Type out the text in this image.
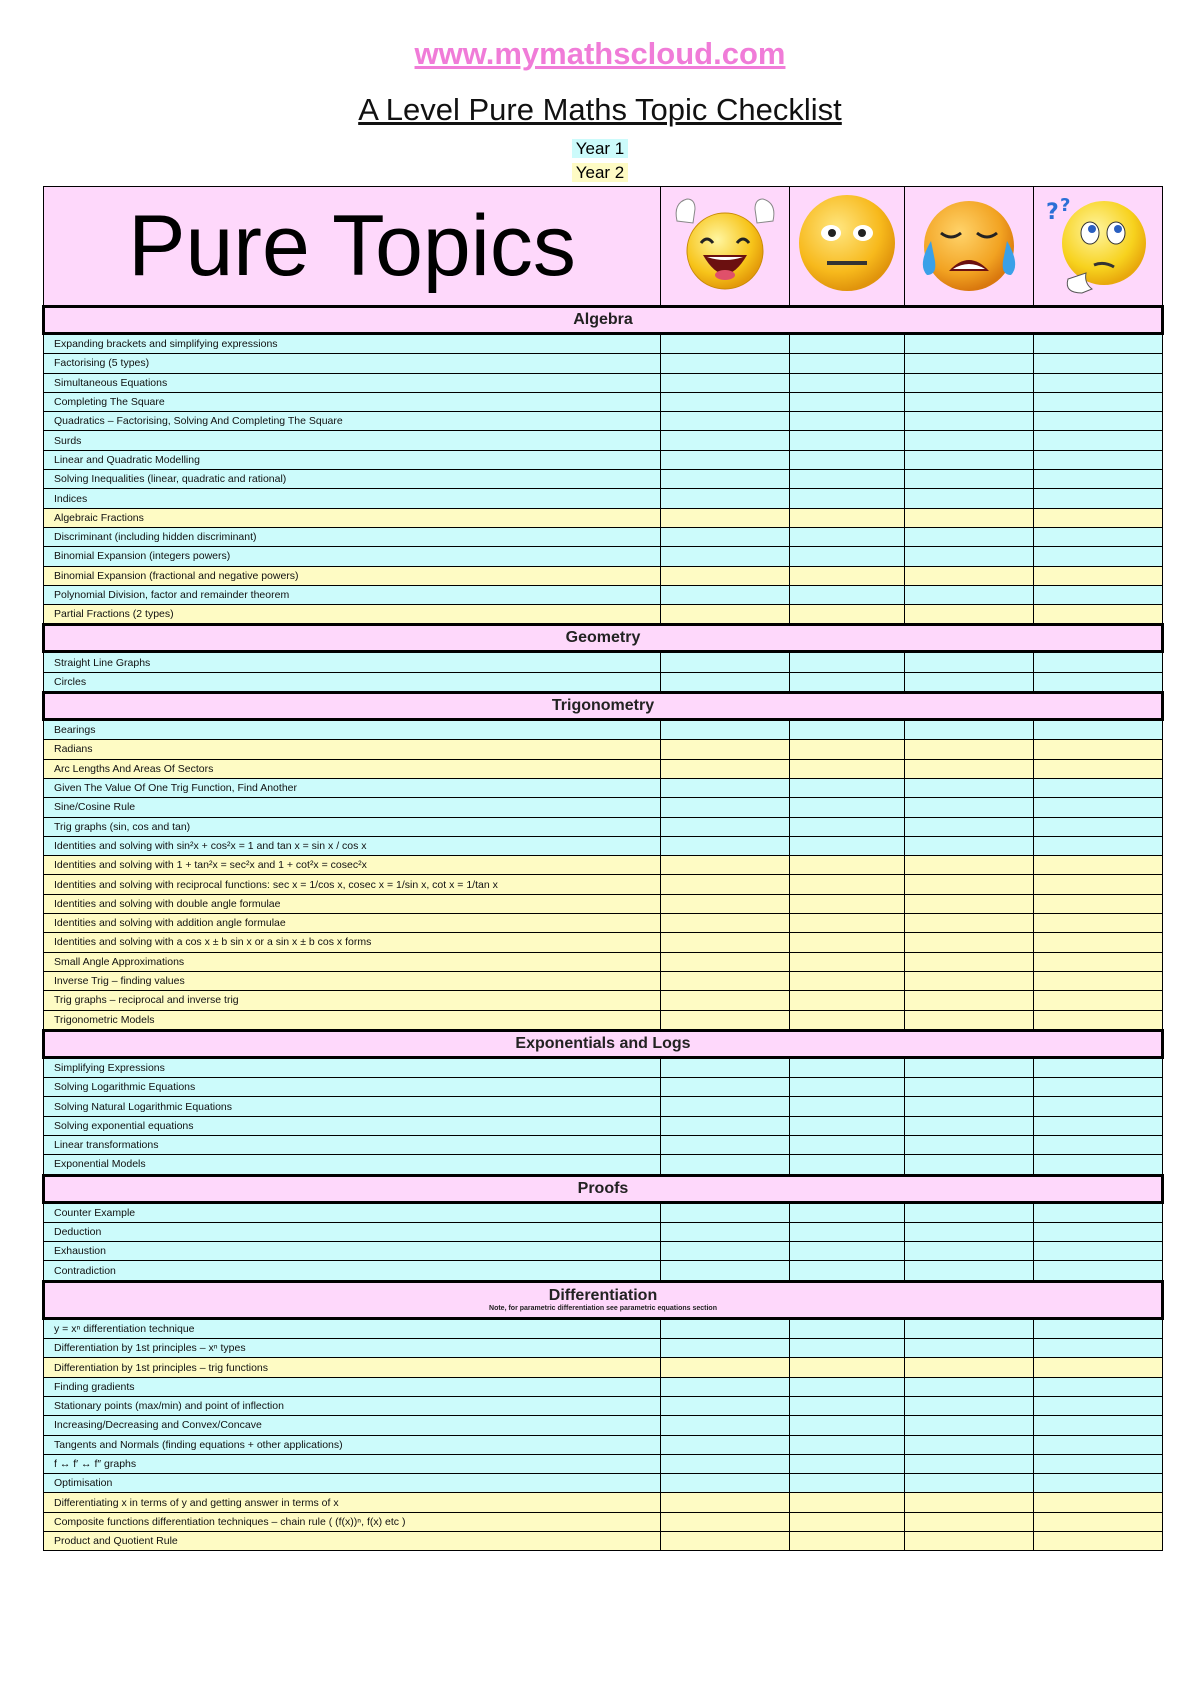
www.mymathscloud.com
A Level Pure Maths Topic Checklist
Year 1
Year 2
Pure Topics				? ?

Algebra				
Expanding brackets and simplifying expressions				
Factorising (5 types)				
Simultaneous Equations				
Completing The Square				
Quadratics – Factorising, Solving And Completing The Square				
Surds				
Linear and Quadratic Modelling				
Solving Inequalities (linear, quadratic and rational)				
Indices				
Algebraic Fractions				
Discriminant (including hidden discriminant)				
Binomial Expansion (integers powers)				
Binomial Expansion (fractional and negative powers)				
Polynomial Division, factor and remainder theorem				
Partial Fractions (2 types)				
Geometry				
Straight Line Graphs				
Circles				
Trigonometry				
Bearings				
Radians				
Arc Lengths And Areas Of Sectors				
Given The Value Of One Trig Function, Find Another				
Sine/Cosine Rule				
Trig graphs (sin, cos and tan)				
Identities and solving with sin²x + cos²x = 1 and tan x = sin x / cos x				
Identities and solving with 1 + tan²x = sec²x and 1 + cot²x = cosec²x				
Identities and solving with reciprocal functions: sec x = 1/cos x, cosec x = 1/sin x, cot x = 1/tan x				
Identities and solving with double angle formulae				
Identities and solving with addition angle formulae				
Identities and solving with a cos x ± b sin x or a sin x ± b cos x forms				
Small Angle Approximations				
Inverse Trig – finding values				
Trig graphs – reciprocal and inverse trig				
Trigonometric Models				
Exponentials and Logs				
Simplifying Expressions				
Solving Logarithmic Equations				
Solving Natural Logarithmic Equations				
Solving exponential equations				
Linear transformations				
Exponential Models				
Proofs				
Counter Example				
Deduction				
Exhaustion				
Contradiction				
Differentiation
Note, for parametric differentiation see parametric equations section				

y = xⁿ differentiation technique				
Differentiation by 1st principles – xⁿ types				
Differentiation by 1st principles – trig functions				
Finding gradients				
Stationary points (max/min) and point of inflection				
Increasing/Decreasing and Convex/Concave				
Tangents and Normals (finding equations + other applications)				
f ↔ f′ ↔ f″ graphs				
Optimisation				
Differentiating x in terms of y and getting answer in terms of x				
Composite functions differentiation techniques – chain rule ( (f(x))ⁿ, f(x) etc )				
Product and Quotient Rule				
